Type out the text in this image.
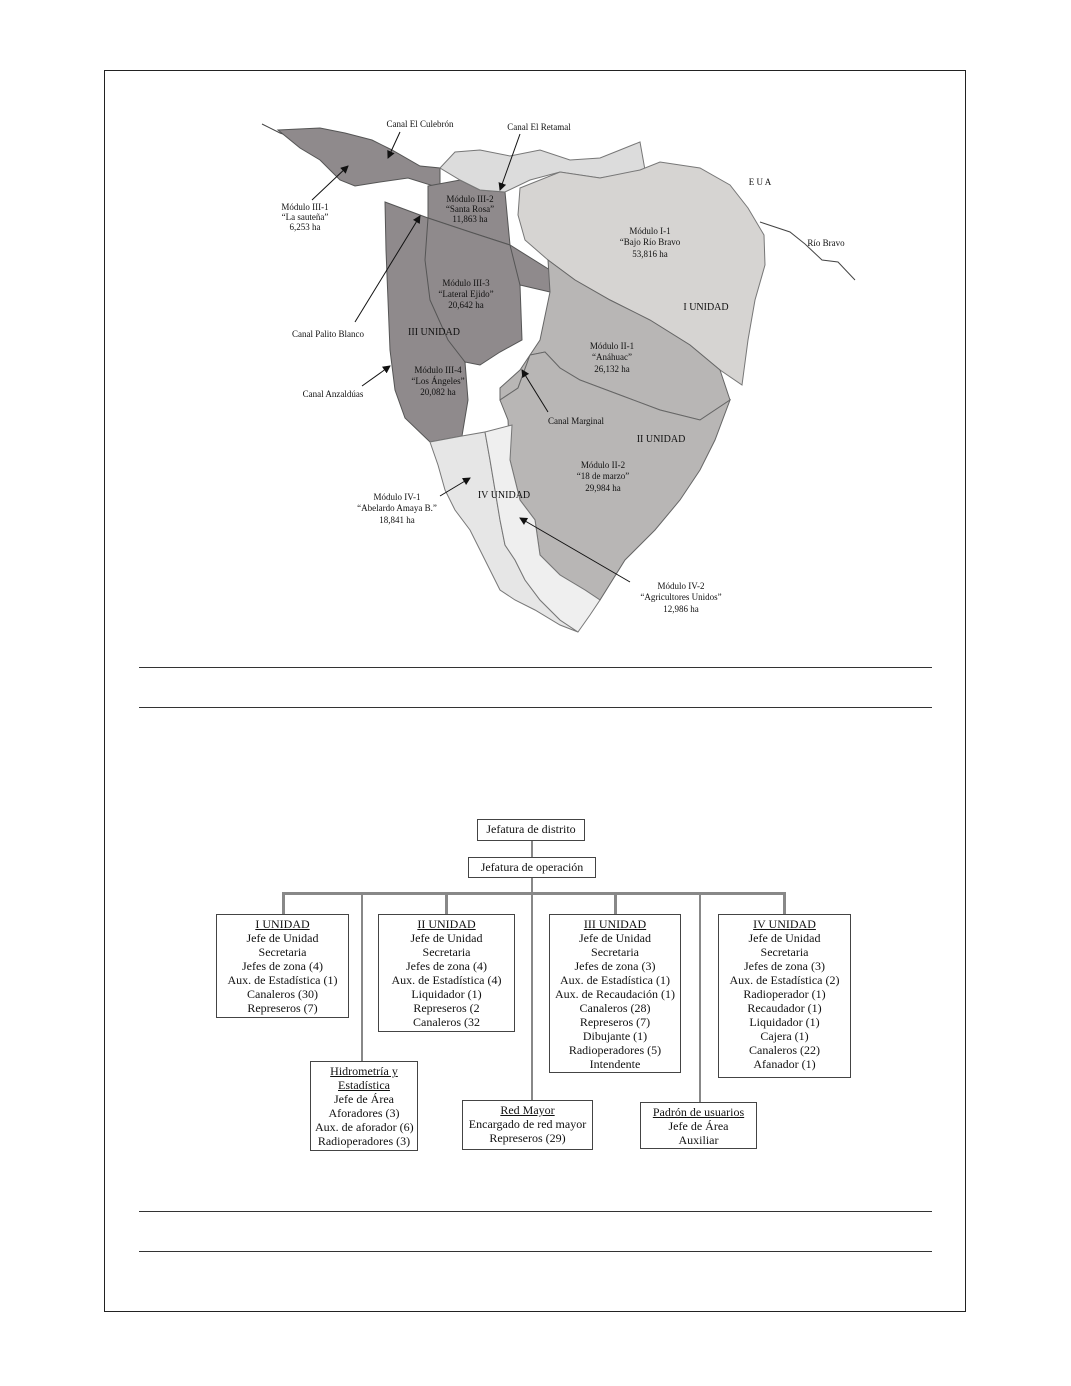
Canal El Culebrón	Canal El Retamal
E U A
Río Bravo
Módulo III-1
“La sauteña”
6,253 ha
Módulo III-2
“Santa Rosa”
11,863 ha
Módulo I-1
“Bajo Río Bravo
53,816 ha
I UNIDAD
Módulo III-3
“Lateral Ejido”
20,642 ha
Canal Palito Blanco	III UNIDAD
Módulo II-1
“Anáhuac”
26,132 ha
Módulo III-4
“Los Ángeles”
20,082 ha
Canal Anzaldúas
Canal Marginal
II UNIDAD
Módulo II-2
“18 de marzo”
29,984 ha
IV UNIDAD
Módulo IV-1
“Abelardo Amaya B.”
18,841 ha
Módulo IV-2
“Agricultores Unidos”
12,986 ha
Jefatura de distrito
Jefatura de operación
I UNIDAD
Jefe de Unidad
Secretaria
Jefes de zona (4)
Aux. de Estadística (1)
Canaleros (30)
Represeros (7)
II UNIDAD
Jefe de Unidad
Secretaria
Jefes de zona (4)
Aux. de Estadística (4)
Liquidador (1)
Represeros (2
Canaleros (32
III UNIDAD
Jefe de Unidad
Secretaria
Jefes de zona (3)
Aux. de Estadística (1)
Aux. de Recaudación (1)
Canaleros (28)
Represeros (7)
Dibujante (1)
Radioperadores (5)
Intendente
IV UNIDAD
Jefe de Unidad
Secretaria
Jefes de zona (3)
Aux. de Estadística (2)
Radioperador (1)
Recaudador (1)
Liquidador (1)
Cajera (1)
Canaleros (22)
Afanador (1)
Hidrometría y
Estadística
Jefe de Área
Aforadores (3)
Aux. de aforador (6)
Radioperadores (3)
Red Mayor
Encargado de red mayor
Represeros (29)
Padrón de usuarios
Jefe de Área
Auxiliar
